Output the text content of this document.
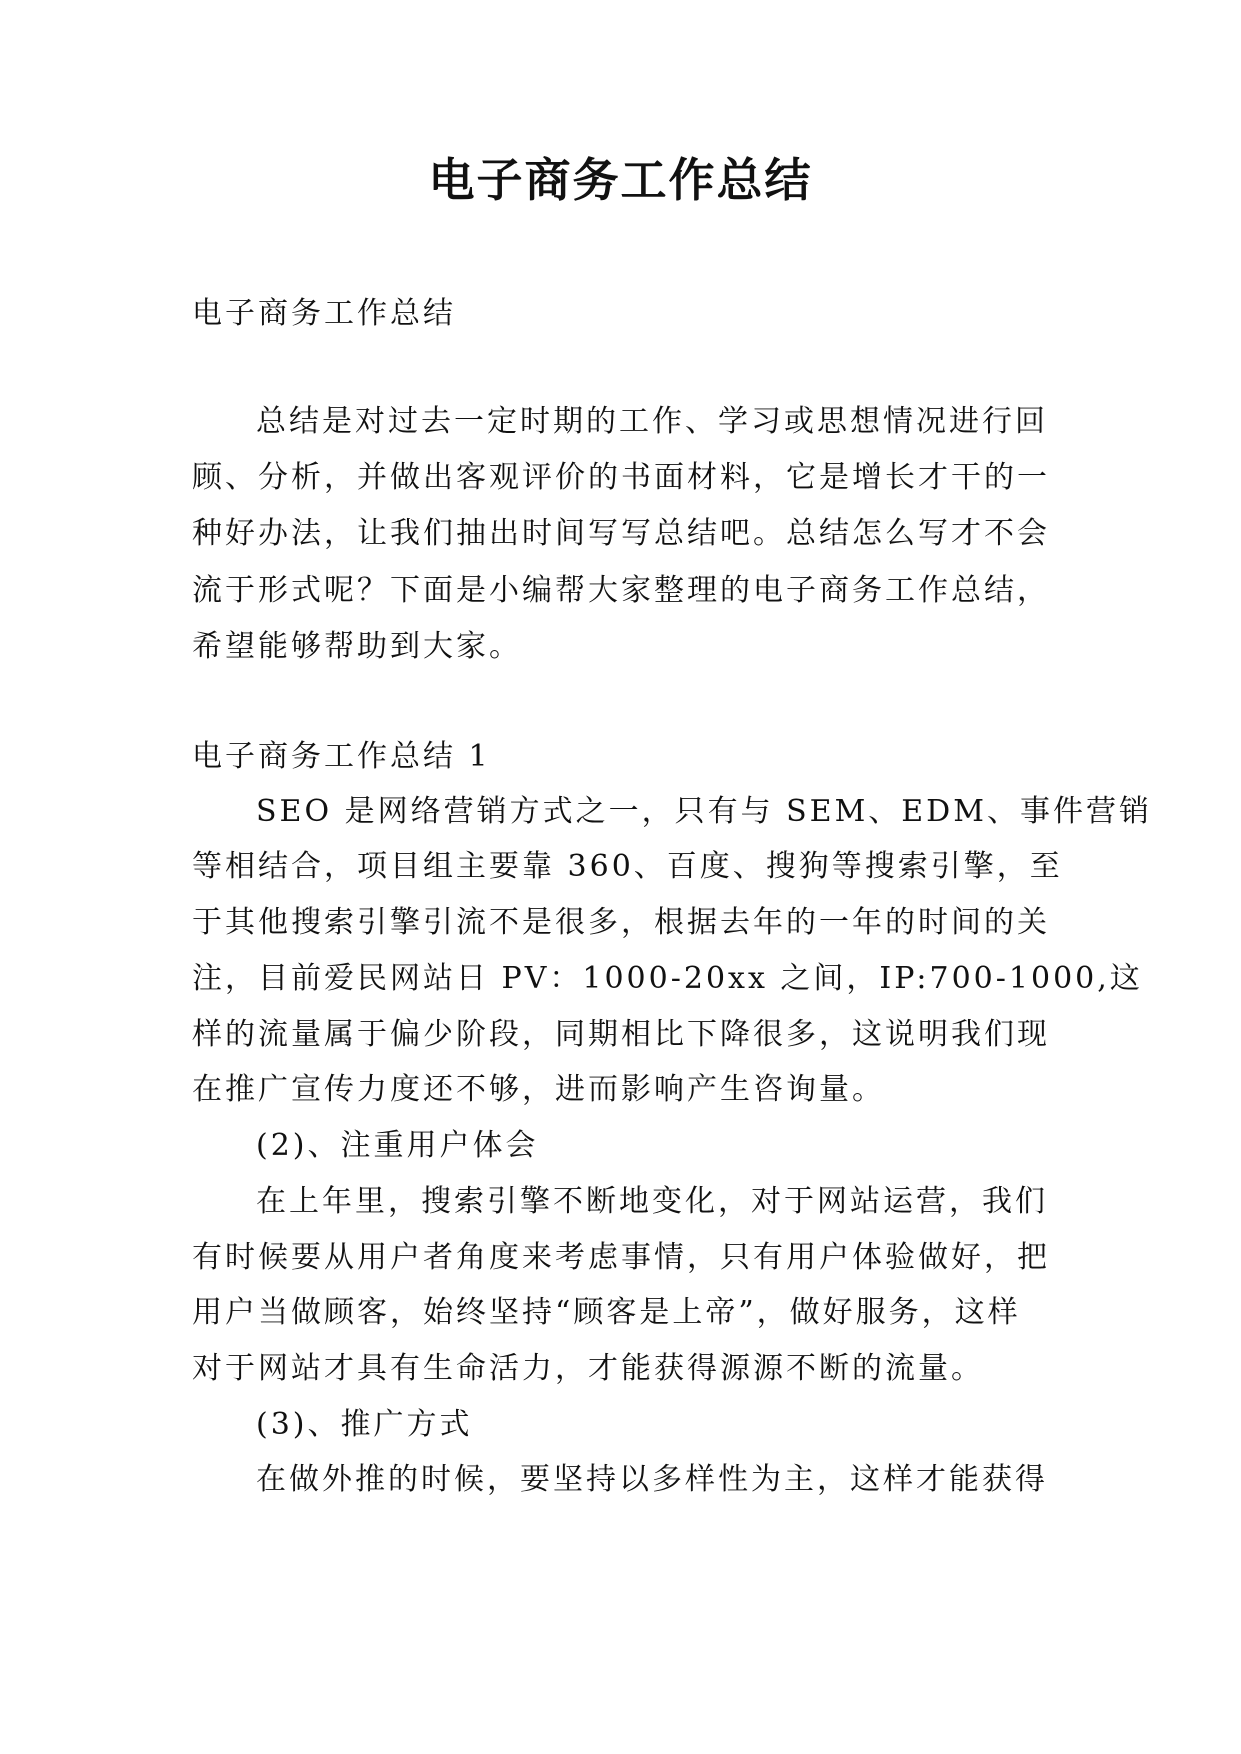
电子商务工作总结

电子商务工作总结

总结是对过去一定时期的工作、学习或思想情况进行回

顾、分析，并做出客观评价的书面材料，它是增长才干的一

种好办法，让我们抽出时间写写总结吧。总结怎么写才不会

流于形式呢？下面是小编帮大家整理的电子商务工作总结，

希望能够帮助到大家。

电子商务工作总结 1

SEO 是网络营销方式之一，只有与 SEM、EDM、事件营销

等相结合，项目组主要靠 360、百度、搜狗等搜索引擎，至

于其他搜索引擎引流不是很多，根据去年的一年的时间的关

注，目前爱民网站日 PV：1000-20xx 之间，IP:700-1000,这

样的流量属于偏少阶段，同期相比下降很多，这说明我们现

在推广宣传力度还不够，进而影响产生咨询量。

(2)、注重用户体会

在上年里，搜索引擎不断地变化，对于网站运营，我们

有时候要从用户者角度来考虑事情，只有用户体验做好，把

用户当做顾客，始终坚持“顾客是上帝”，做好服务，这样

对于网站才具有生命活力，才能获得源源不断的流量。

(3)、推广方式

在做外推的时候，要坚持以多样性为主，这样才能获得
